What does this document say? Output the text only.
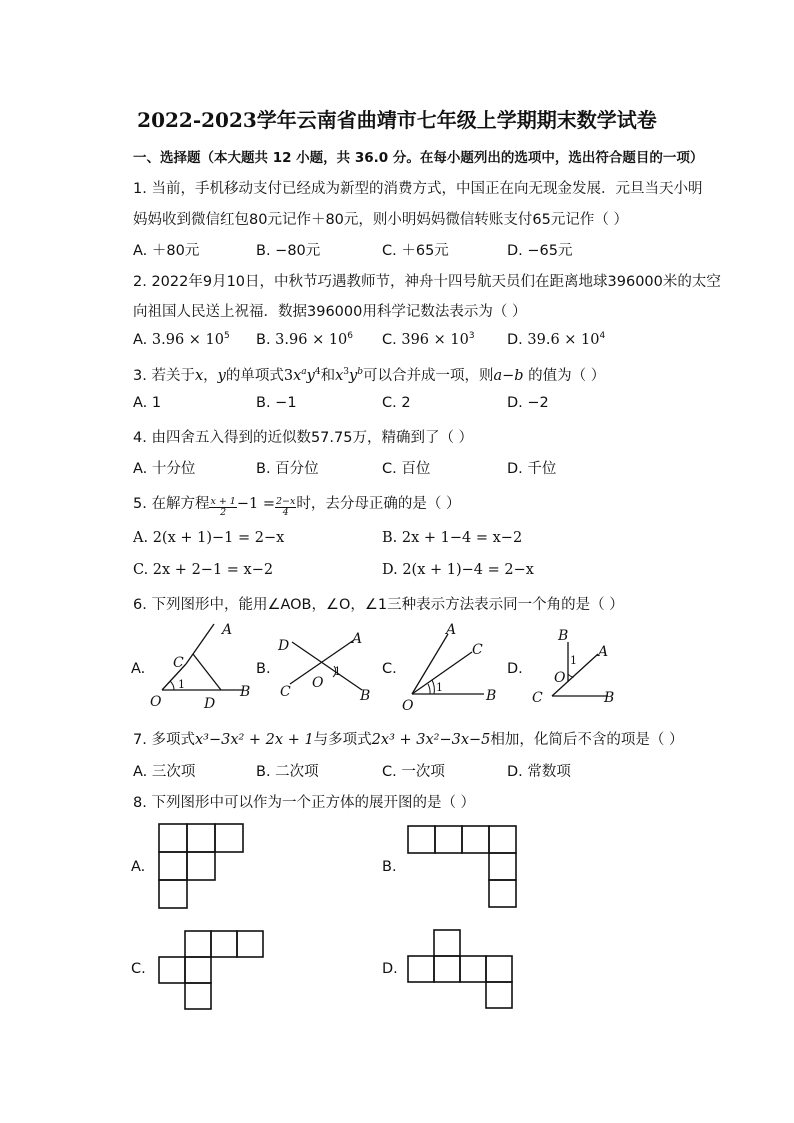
2022-2023学年云南省曲靖市七年级上学期期末数学试卷
一、选择题（本大题共 12 小题，共 36.0 分。在每小题列出的选项中，选出符合题目的一项）
1. 当前，手机移动支付已经成为新型的消费方式，中国正在向无现金发展．元旦当天小明
妈妈收到微信红包80元记作＋80元，则小明妈妈微信转账支付65元记作（ ）
A. ＋80元	B. −80元	C. ＋65元	D. −65元
2. 2022年9月10日，中秋节巧遇教师节，神舟十四号航天员们在距离地球396000米的太空
向祖国人民送上祝福．数据396000用科学记数法表示为（ ）
A. $3.96 \times 10^5$ B. $3.96 \times 10^6$ C. $396 \times 10^3$ D. $39.6 \times 10^4$
3. 若关于x，y的单项式$3x^ay^4$和$x^3y^b$可以合并成一项，则a−b 的值为（ ）
A. 1	B. −1	C. 2	D. −2
4. 由四舍五入得到的近似数57.75万，精确到了（ ）
A. 十分位	B. 百分位	C. 百位	D. 千位
5. 在解方程 $\frac{x + 1}{2} -1 = \frac{2-x}{4}$ 时，去分母正确的是（ ）
A. 2(x + 1)−1 = 2−x	B. 2x + 1−4 = x−2
C. 2x + 2−1 = x−2	D. 2(x + 1)−4 = 2−x
6. 下列图形中，能用∠AOB，∠O，∠1三种表示方法表示同一个角的是（ ）
A.	B.	C.	D.
A
C
1
O	D
B
D	A
1
O
C	B
A
C
1
O
B
B
1
A
O
C	B
7. 多项式x³−3x² + 2x + 1与多项式2x³ + 3x²−3x−5相加，化简后不含的项是（ ）
A. 三次项	B. 二次项	C. 一次项	D. 常数项
8. 下列图形中可以作为一个正方体的展开图的是（ ）
A.	B.
C.	D.
